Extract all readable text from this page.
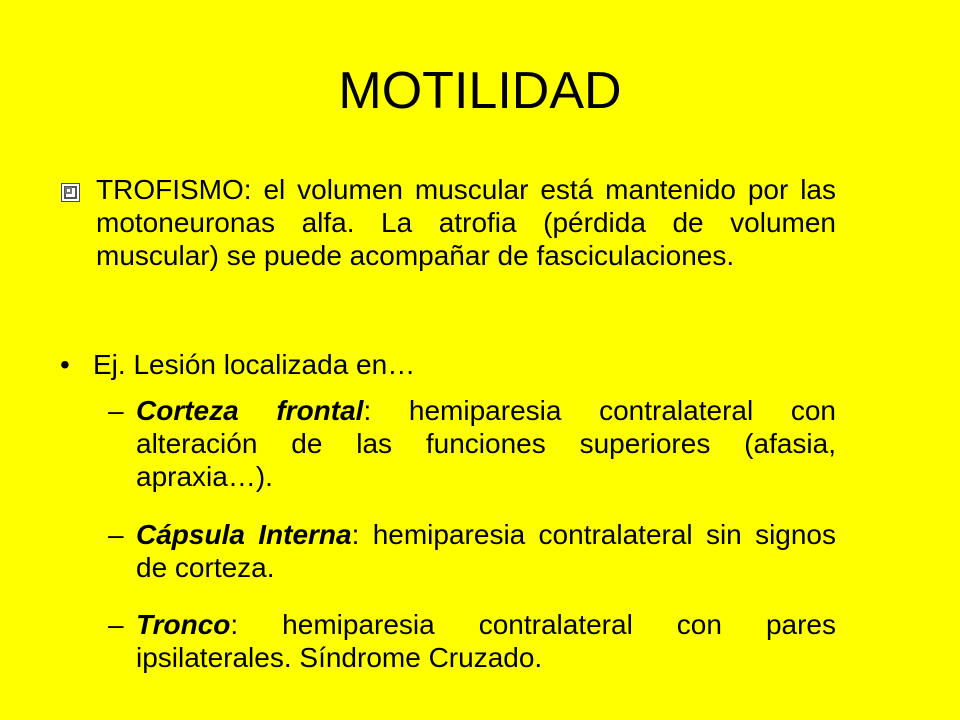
MOTILIDAD
TROFISMO: el volumen muscular está mantenido por las motoneuronas alfa. La atrofia (pérdida de volumen muscular) se puede acompañar de fasciculaciones.
• Ej. Lesión localizada en…
– Corteza frontal: hemiparesia contralateral con alteración de las funciones superiores (afasia, apraxia…).
– Cápsula Interna: hemiparesia contralateral sin signos de corteza.
– Tronco: hemiparesia contralateral con pares ipsilaterales. Síndrome Cruzado.
